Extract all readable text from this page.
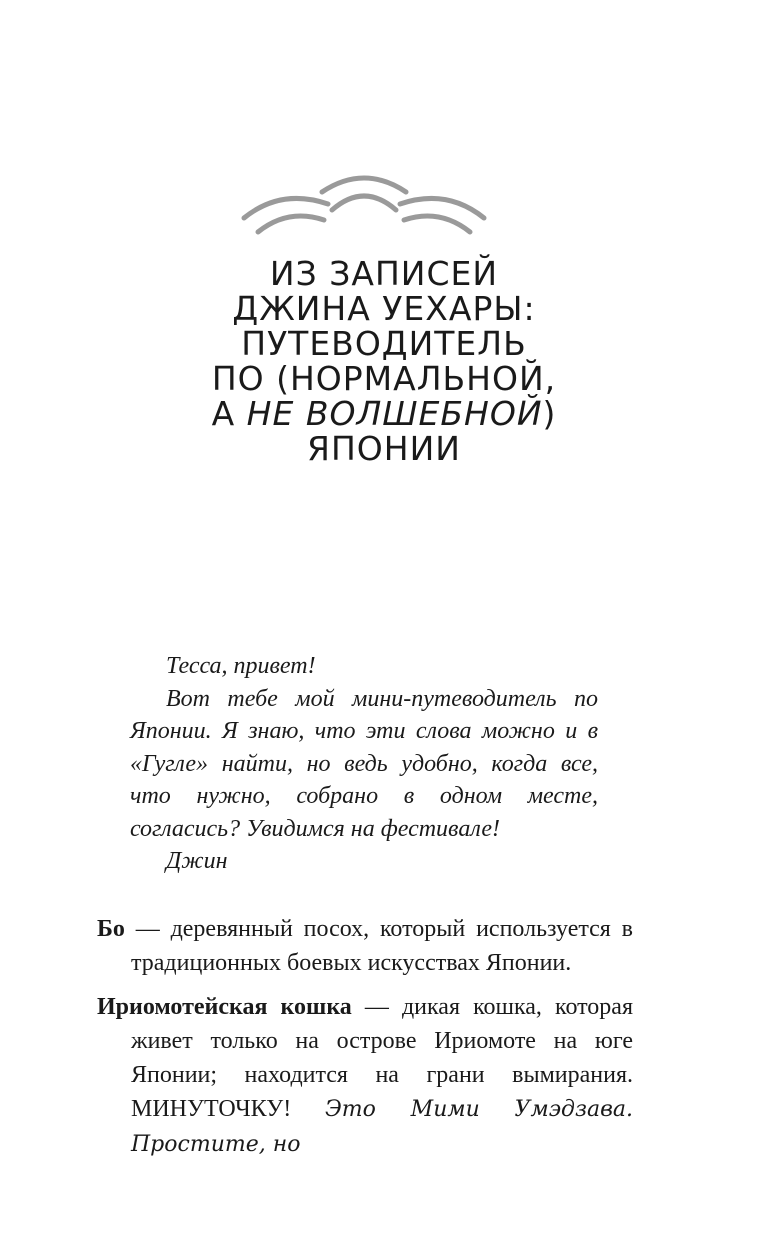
ИЗ ЗАПИСЕЙ
ДЖИНА УЕХАРЫ:
ПУТЕВОДИТЕЛЬ
ПО (НОРМАЛЬНОЙ,
А НЕ ВОЛШЕБНОЙ)
ЯПОНИИ

Тесса, привет!

Вот тебе мой мини-путеводитель по Японии. Я знаю, что эти слова можно и в «Гугле» найти, но ведь удобно, когда все, что нужно, собрано в одном месте, согласись? Увидимся на фестивале!

Джин

Бо — деревянный посох, который используется в традиционных боевых искусствах Японии.

Ириомотейская кошка — дикая кошка, которая живет только на острове Ириомоте на юге Японии; находится на грани вымирания. МИНУТОЧКУ! Это Мими Умэдзава. Простите, но
